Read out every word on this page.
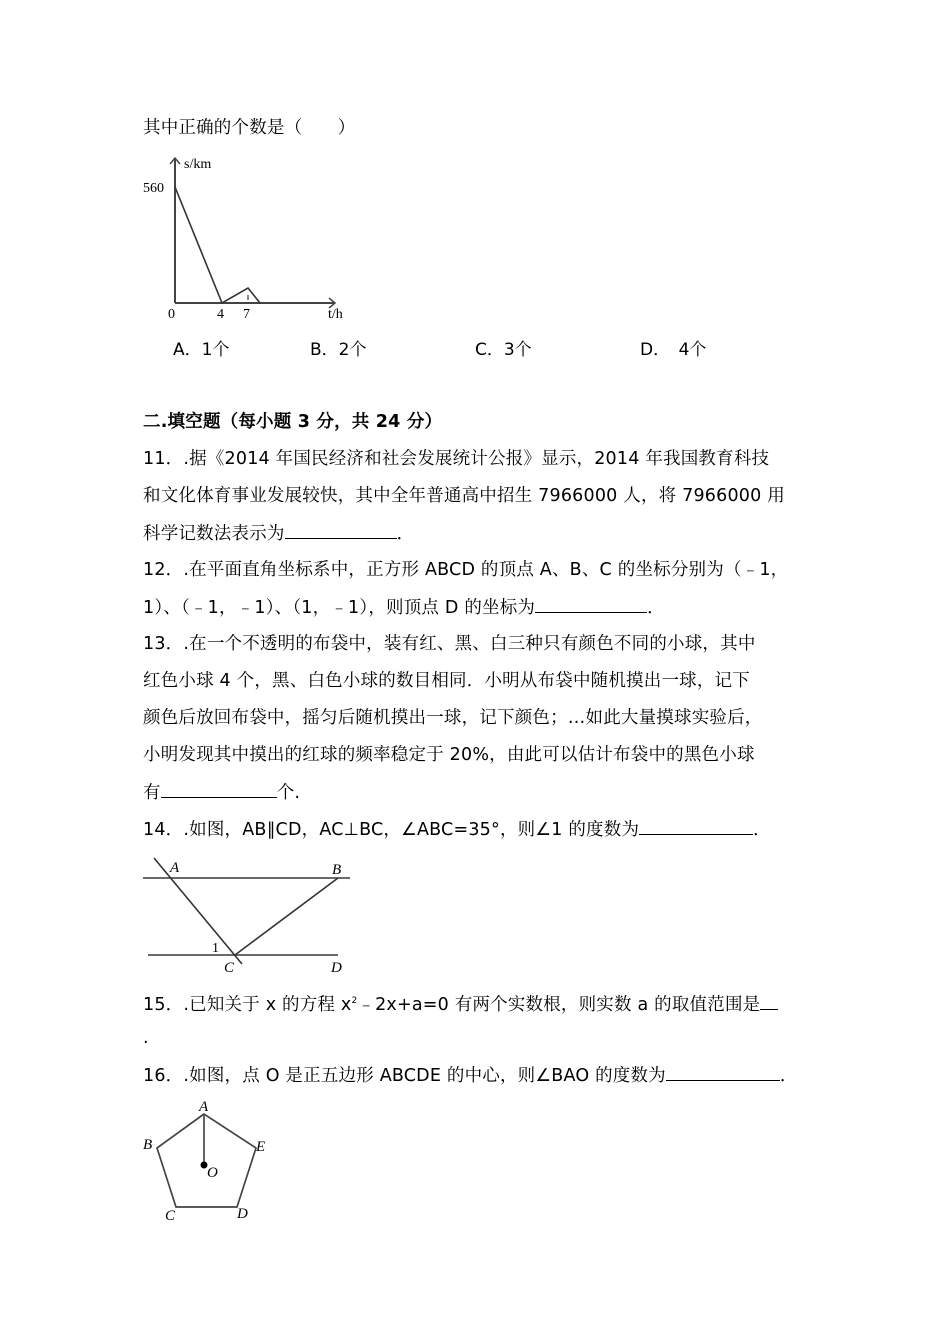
其中正确的个数是（　　）
s/km
560
0	4 7	t/h
A．1个	B．2个	C．3个	D．　4个
二.填空题（每小题 3 分，共 24 分）
11．.据《2014 年国民经济和社会发展统计公报》显示，2014 年我国教育科技
和文化体育事业发展较快，其中全年普通高中招生 7966000 人，将 7966000 用
科学记数法表示为	．
12．.在平面直角坐标系中，正方形 ABCD 的顶点 A、B、C 的坐标分别为（﹣1，
1）、（﹣1，﹣1）、（1，﹣1），则顶点 D 的坐标为	．
13．.在一个不透明的布袋中，装有红、黑、白三种只有颜色不同的小球，其中
红色小球 4 个，黑、白色小球的数目相同．小明从布袋中随机摸出一球，记下
颜色后放回布袋中，摇匀后随机摸出一球，记下颜色；…如此大量摸球实验后，
小明发现其中摸出的红球的频率稳定于 20%，由此可以估计布袋中的黑色小球
有	个.
14．.如图，AB∥CD，AC⊥BC，∠ABC=35°，则∠1 的度数为	．
A	B
C	D
1
15．.已知关于 x 的方程 $x^2﹣2x+a=0$ 有两个实数根，则实数 a 的取值范围是
.
16．.如图，点 O 是正五边形 ABCDE 的中心，则∠BAO 的度数为	．
A
B
C	D
E
O
